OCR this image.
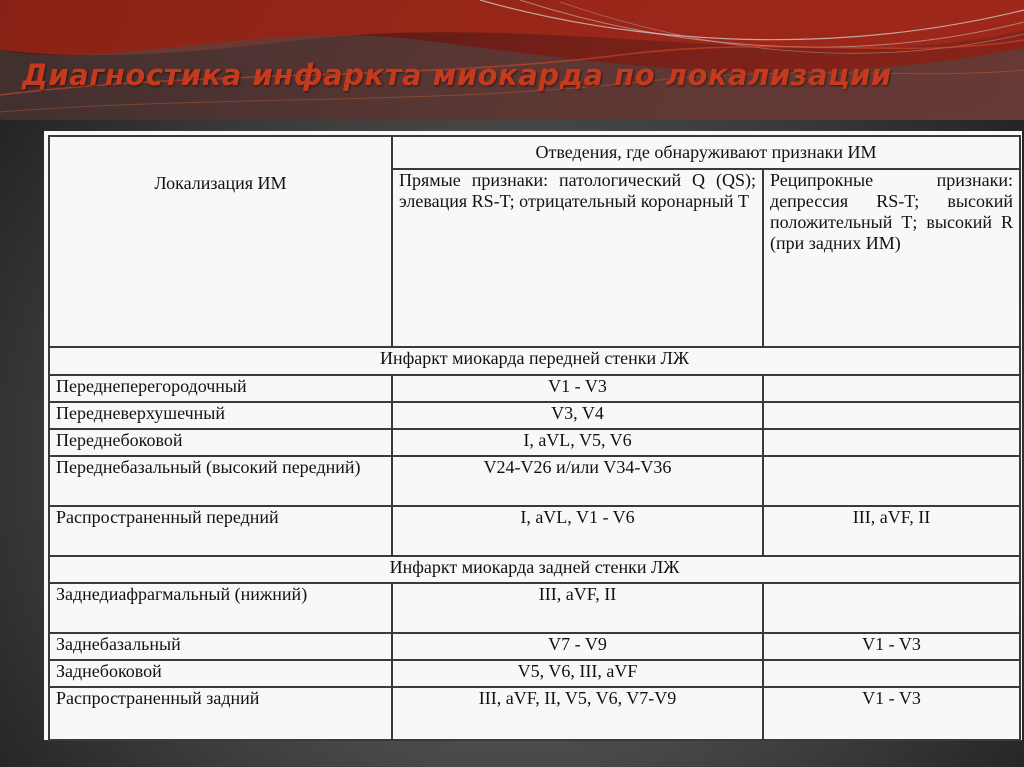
Диагностика инфаркта миокарда по локализации
Локализация ИМ	Отведения, где обнаруживают признаки ИМ	
	Прямые признаки: патологический Q (QS); элевация RS-T; отрицательный коронарный Т	Реципрокные признаки: депрессия RS-T; высокий положительный Т; высокий R (при задних ИМ)
Инфаркт миокарда передней стенки ЛЖ		
Переднеперегородочный	V1 - V3	
Передневерхушечный	V3, V4	
Переднебоковой	I, aVL, V5, V6	
Переднебазальный (высокий передний)	V24-V26 и/или V34-V36	
Распространенный передний	I, aVL, V1 - V6	III, aVF, II
Инфаркт миокарда задней стенки ЛЖ		
Заднедиафрагмальный (нижний)	III, aVF, II	
Заднебазальный	V7 - V9	V1 - V3
Заднебоковой	V5, V6, III, aVF	
Распространенный задний	III, aVF, II, V5, V6, V7-V9	V1 - V3
